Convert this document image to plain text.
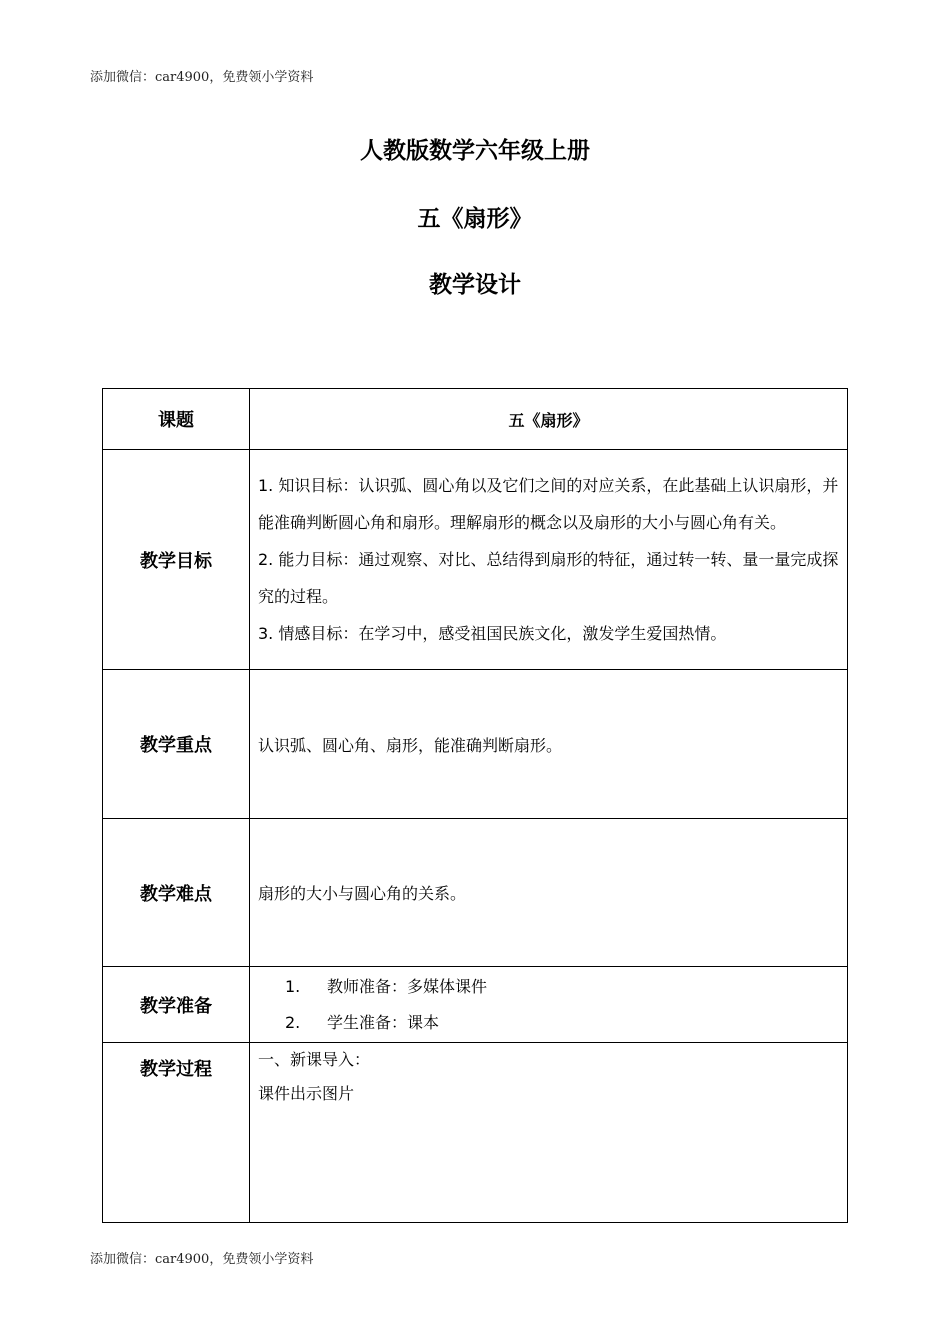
添加微信：car4900，免费领小学资料
人教版数学六年级上册
五《扇形》
教学设计
课题	五《扇形》
教学目标	1. 知识目标：认识弧、圆心角以及它们之间的对应关系，在此基础上认识扇形，并能准确判断圆心角和扇形。理解扇形的概念以及扇形的大小与圆心角有关。

2. 能力目标：通过观察、对比、总结得到扇形的特征，通过转一转、量一量完成探究的过程。

3. 情感目标：在学习中，感受祖国民族文化，激发学生爱国热情。

教学重点	认识弧、圆心角、扇形，能准确判断扇形。
教学难点	扇形的大小与圆心角的关系。
教学准备	1. 教师准备：多媒体课件
2. 学生准备：课本

教学过程	一、新课导入：

课件出示图片

添加微信：car4900，免费领小学资料
